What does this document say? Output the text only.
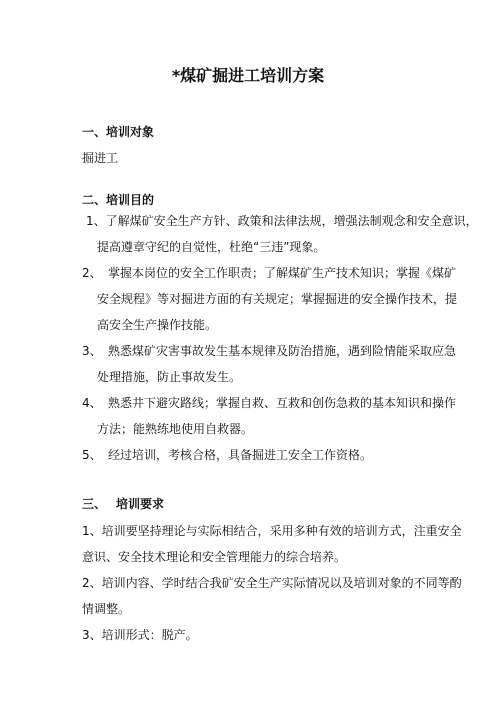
*煤矿掘进工培训方案
一、培训对象
掘进工
二、培训目的
1、了解煤矿安全生产方针、政策和法律法规，增强法制观念和安全意识，
提高遵章守纪的自觉性，杜绝“三违”现象。
2、 掌握本岗位的安全工作职责；了解煤矿生产技术知识；掌握《煤矿
安全规程》等对掘进方面的有关规定；掌握掘进的安全操作技术，提
高安全生产操作技能。
3、 熟悉煤矿灾害事故发生基本规律及防治措施，遇到险情能采取应急
处理措施，防止事故发生。
4、 熟悉井下避灾路线；掌握自救、互救和创伤急救的基本知识和操作
方法；能熟练地使用自救器。
5、 经过培训，考核合格，具备掘进工安全工作资格。
三、 培训要求
1、培训要坚持理论与实际相结合，采用多种有效的培训方式，注重安全
意识、安全技术理论和安全管理能力的综合培养。
2、培训内容、学时结合我矿安全生产实际情况以及培训对象的不同等酌
情调整。
3、培训形式：脱产。
